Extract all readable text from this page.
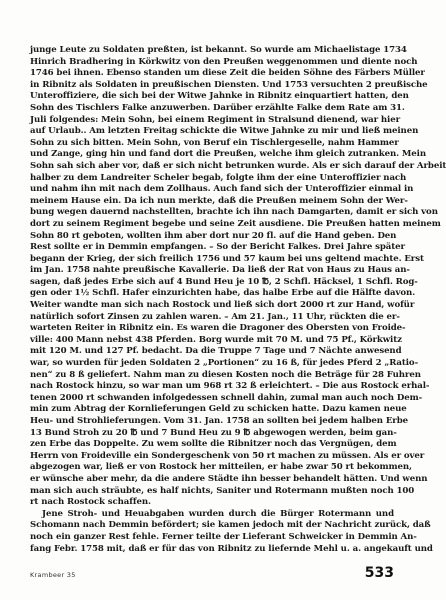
junge Leute zu Soldaten preßten, ist bekannt. So wurde am Michaelistage 1734
Hinrich Bradhering in Körkwitz von den Preußen weggenommen und diente noch
1746 bei ihnen. Ebenso standen um diese Zeit die beiden Söhne des Färbers Müller
in Ribnitz als Soldaten in preußischen Diensten. Und 1753 versuchten 2 preußische
Unteroffiziere, die sich bei der Witwe Jahnke in Ribnitz einquartiert hatten, den
Sohn des Tischlers Falke anzuwerben. Darüber erzählte Falke dem Rate am 31.
Juli folgendes: Mein Sohn, bei einem Regiment in Stralsund dienend, war hier
auf Urlaub.. Am letzten Freitag schickte die Witwe Jahnke zu mir und ließ meinen
Sohn zu sich bitten. Mein Sohn, von Beruf ein Tischlergeselle, nahm Hammer
und Zange, ging hin und fand dort die Preußen, welche ihm gleich zutranken. Mein
Sohn sah sich aber vor, daß er sich nicht betrunken wurde. Als er sich darauf der Arbeit
halber zu dem Landreiter Scheler begab, folgte ihm der eine Unteroffizier nach
und nahm ihn mit nach dem Zollhaus. Auch fand sich der Unteroffizier einmal in
meinem Hause ein. Da ich nun merkte, daß die Preußen meinem Sohn der Wer-
bung wegen dauernd nachstellten, brachte ich ihn nach Damgarten, damit er sich von
dort zu seinem Regiment begebe und seine Zeit ausdiene. Die Preußen hatten meinem
Sohn 80 rt geboten, wollten ihm aber dort nur 20 fl. auf die Hand geben. Den
Rest sollte er in Demmin empfangen. – So der Bericht Falkes. Drei Jahre später
begann der Krieg, der sich freilich 1756 und 57 kaum bei uns geltend machte. Erst
im Jan. 1758 nahte preußische Kavallerie. Da ließ der Rat von Haus zu Haus an-
sagen, daß jedes Erbe sich auf 4 Bund Heu je 10 ℔, 2 Schfl. Häcksel, 1 Schfl. Rog-
gen oder 1½ Schfl. Hafer einzurichten habe, das halbe Erbe auf die Hälfte davon.
Weiter wandte man sich nach Rostock und ließ sich dort 2000 rt zur Hand, wofür
natürlich sofort Zinsen zu zahlen waren. – Am 21. Jan., 11 Uhr, rückten die er-
warteten Reiter in Ribnitz ein. Es waren die Dragoner des Obersten von Froide-
ville: 400 Mann nebst 438 Pferden. Borg wurde mit 70 M. und 75 Pf., Körkwitz
mit 120 M. und 127 Pf. bedacht. Da die Truppe 7 Tage und 7 Nächte anwesend
war, so wurden für jeden Soldaten 2 „Portionen“ zu 16 ß, für jedes Pferd 2 „Ratio-
nen“ zu 8 ß geliefert. Nahm man zu diesen Kosten noch die Beträge für 28 Fuhren
nach Rostock hinzu, so war man um 968 rt 32 ß erleichtert. – Die aus Rostock erhal-
tenen 2000 rt schwanden infolgedessen schnell dahin, zumal man auch noch Dem-
min zum Abtrag der Kornlieferungen Geld zu schicken hatte. Dazu kamen neue
Heu- und Strohlieferungen. Vom 31. Jan. 1758 an sollten bei jedem halben Erbe
13 Bund Stroh zu 20 ℔ und 7 Bund Heu zu 9 ℔ abgewogen werden, beim gan-
zen Erbe das Doppelte. Zu wem sollte die Ribnitzer noch das Vergnügen, dem
Herrn von Froideville ein Sondergeschenk von 50 rt machen zu müssen. Als er over
abgezogen war, ließ er von Rostock her mitteilen, er habe zwar 50 rt bekommen,
er wünsche aber mehr, da die andere Städte ihn besser behandelt hätten. Und wenn
man sich auch sträubte, es half nichts, Saniter und Rotermann mußten noch 100
rt nach Rostock schaffen.
Jene Stroh- und Heuabgaben wurden durch die Bürger Rotermann und
Schomann nach Demmin befördert; sie kamen jedoch mit der Nachricht zurück, daß
noch ein ganzer Rest fehle. Ferner teilte der Lieferant Schweicker in Demmin An-
fang Febr. 1758 mit, daß er für das von Ribnitz zu liefernde Mehl u. a. angekauft und
Krambeer 35	533
